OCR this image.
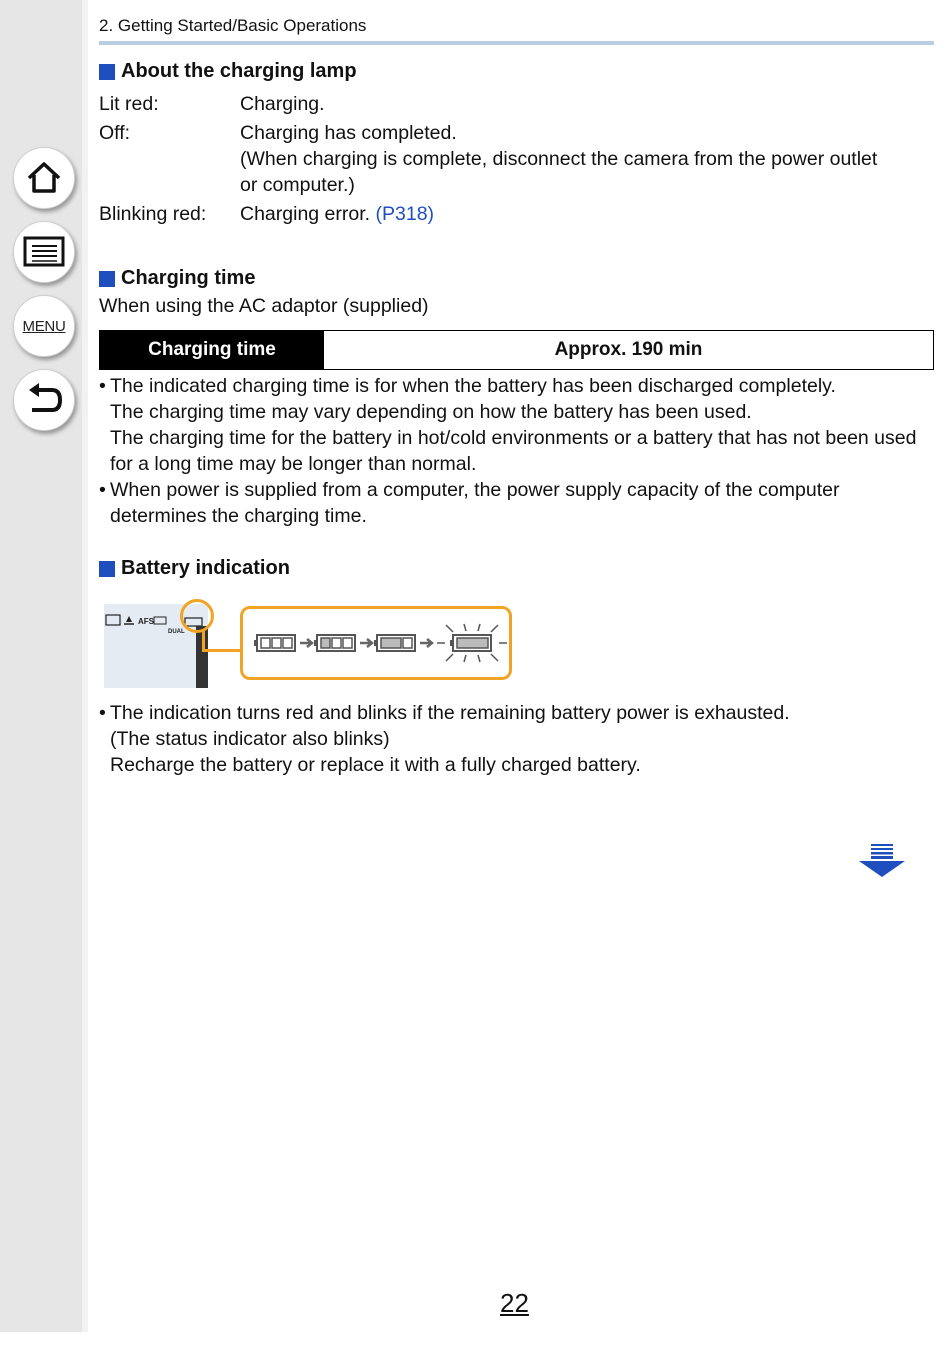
MENU
2. Getting Started/Basic Operations
About the charging lamp
Lit red:	Charging.
Off:	Charging has completed.
(When charging is complete, disconnect the camera from the power outlet
or computer.)
Blinking red: Charging error. (P318)
Charging time
When using the AC adaptor (supplied)
Charging time	Approx. 190 min
• The indicated charging time is for when the battery has been discharged completely.
The charging time may vary depending on how the battery has been used.
The charging time for the battery in hot/cold environments or a battery that has not been used
for a long time may be longer than normal.
• When power is supplied from a computer, the power supply capacity of the computer
determines the charging time.
Battery indication
AFS
DUAL
• The indication turns red and blinks if the remaining battery power is exhausted.
(The status indicator also blinks)
Recharge the battery or replace it with a fully charged battery.
22
